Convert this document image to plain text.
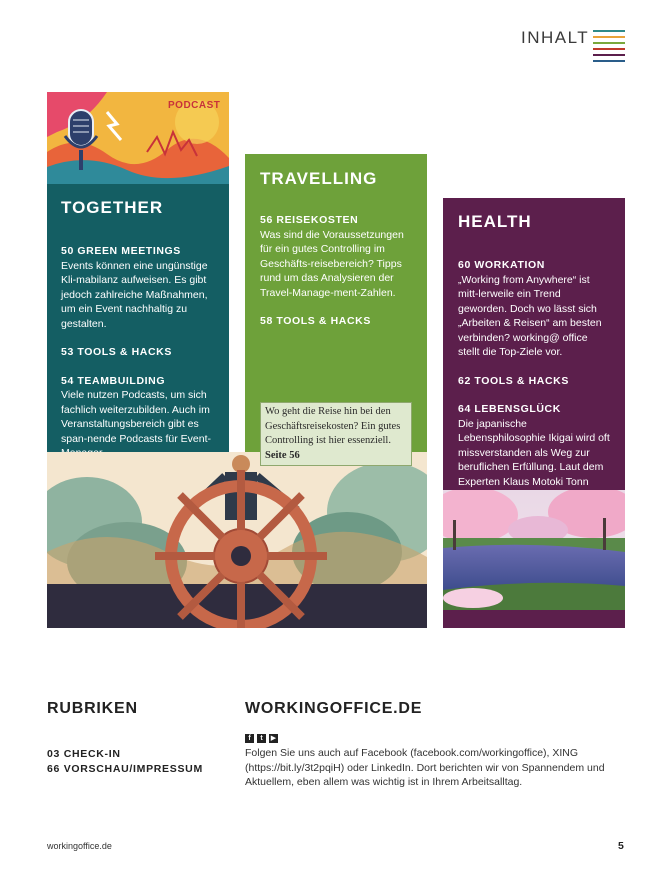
INHALT
PODCAST
TOGETHER
50 GREEN MEETINGS
Events können eine ungünstige Kli-mabilanz aufweisen. Es gibt jedoch zahlreiche Maßnahmen, um ein Event nachhaltig zu gestalten.
53 TOOLS & HACKS
54 TEAMBUILDING
Viele nutzen Podcasts, um sich fachlich weiterzubilden. Auch im Veranstaltungsbereich gibt es span-nende Podcasts für Event-
TRAVELLING
56 REISEKOSTEN
Was sind die Voraussetzungen für ein gutes Controlling im Geschäfts-reisebereich? Tipps rund um das Analysieren der Travel-Manage-ment-Zahlen.
58 TOOLS & HACKS
Wo geht die Reise hin bei den Geschäftsreisekosten? Ein gutes Controlling ist hier essenziell. Seite 56
HEALTH
60 WORKATION
„Working from Anywhere“ ist mitt-lerweile ein Trend geworden. Doch wo lässt sich „Arbeiten & Reisen“ am besten verbinden? working@ office stellt die Top-Ziele vor.
62 TOOLS & HACKS
64 LEBENSGLÜCK
Die japanische Lebensphilosophie Ikigai wird oft missverstanden als Weg zur beruflichen Erfüllung. Laut dem Experten Klaus Motoki Tonn
RUBRIKEN
03 CHECK-IN
66 VORSCHAU/IMPRESSUM
WORKINGOFFICE.DE
f t ▶
Folgen Sie uns auch auf Facebook (facebook.com/workingoffice), XING (https://bit.ly/3t2pqiH) oder LinkedIn. Dort berichten wir von Spannendem und Aktuellem, eben allem was wichtig ist in Ihrem Arbeitsalltag.
workingoffice.de	5
